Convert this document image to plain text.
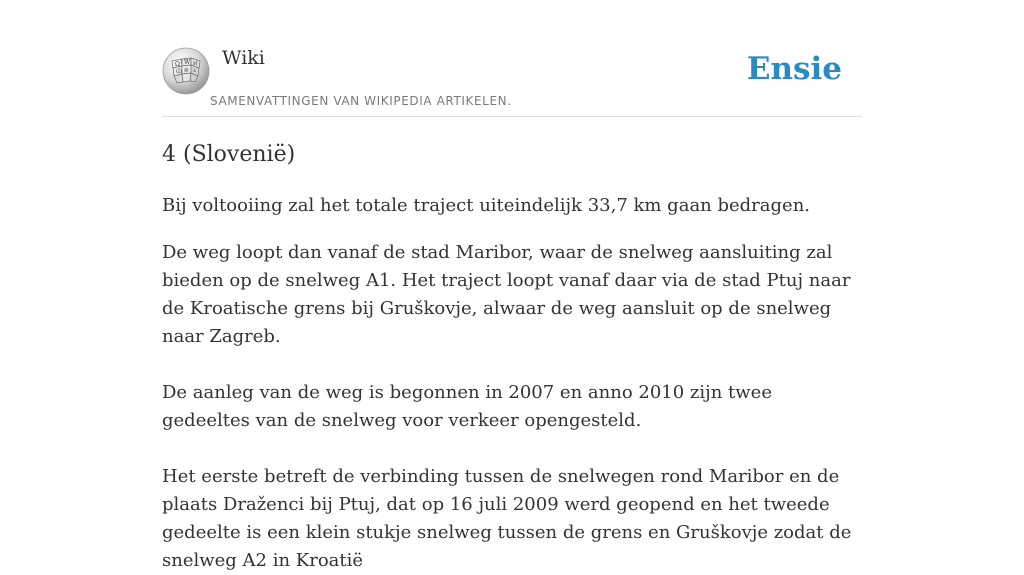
Ω W И
Ѿ 維 λ
Wiki
SAMENVATTINGEN VAN WIKIPEDIA ARTIKELEN.
Ensie
4 (Slovenië)

Bij voltooiing zal het totale traject uiteindelijk 33,7 km gaan bedragen.

De weg loopt dan vanaf de stad Maribor, waar de snelweg aansluiting zal bieden op de snelweg A1. Het traject loopt vanaf daar via de stad Ptuj naar de Kroatische grens bij Gruškovje, alwaar de weg aansluit op de snelweg naar Zagreb.

De aanleg van de weg is begonnen in 2007 en anno 2010 zijn twee gedeeltes van de snelweg voor verkeer opengesteld.

Het eerste betreft de verbinding tussen de snelwegen rond Maribor en de plaats Draženci bij Ptuj, dat op 16 juli 2009 werd geopend en het tweede gedeelte is een klein stukje snelweg tussen de grens en Gruškovje zodat de snelweg A2 in Kroatië
